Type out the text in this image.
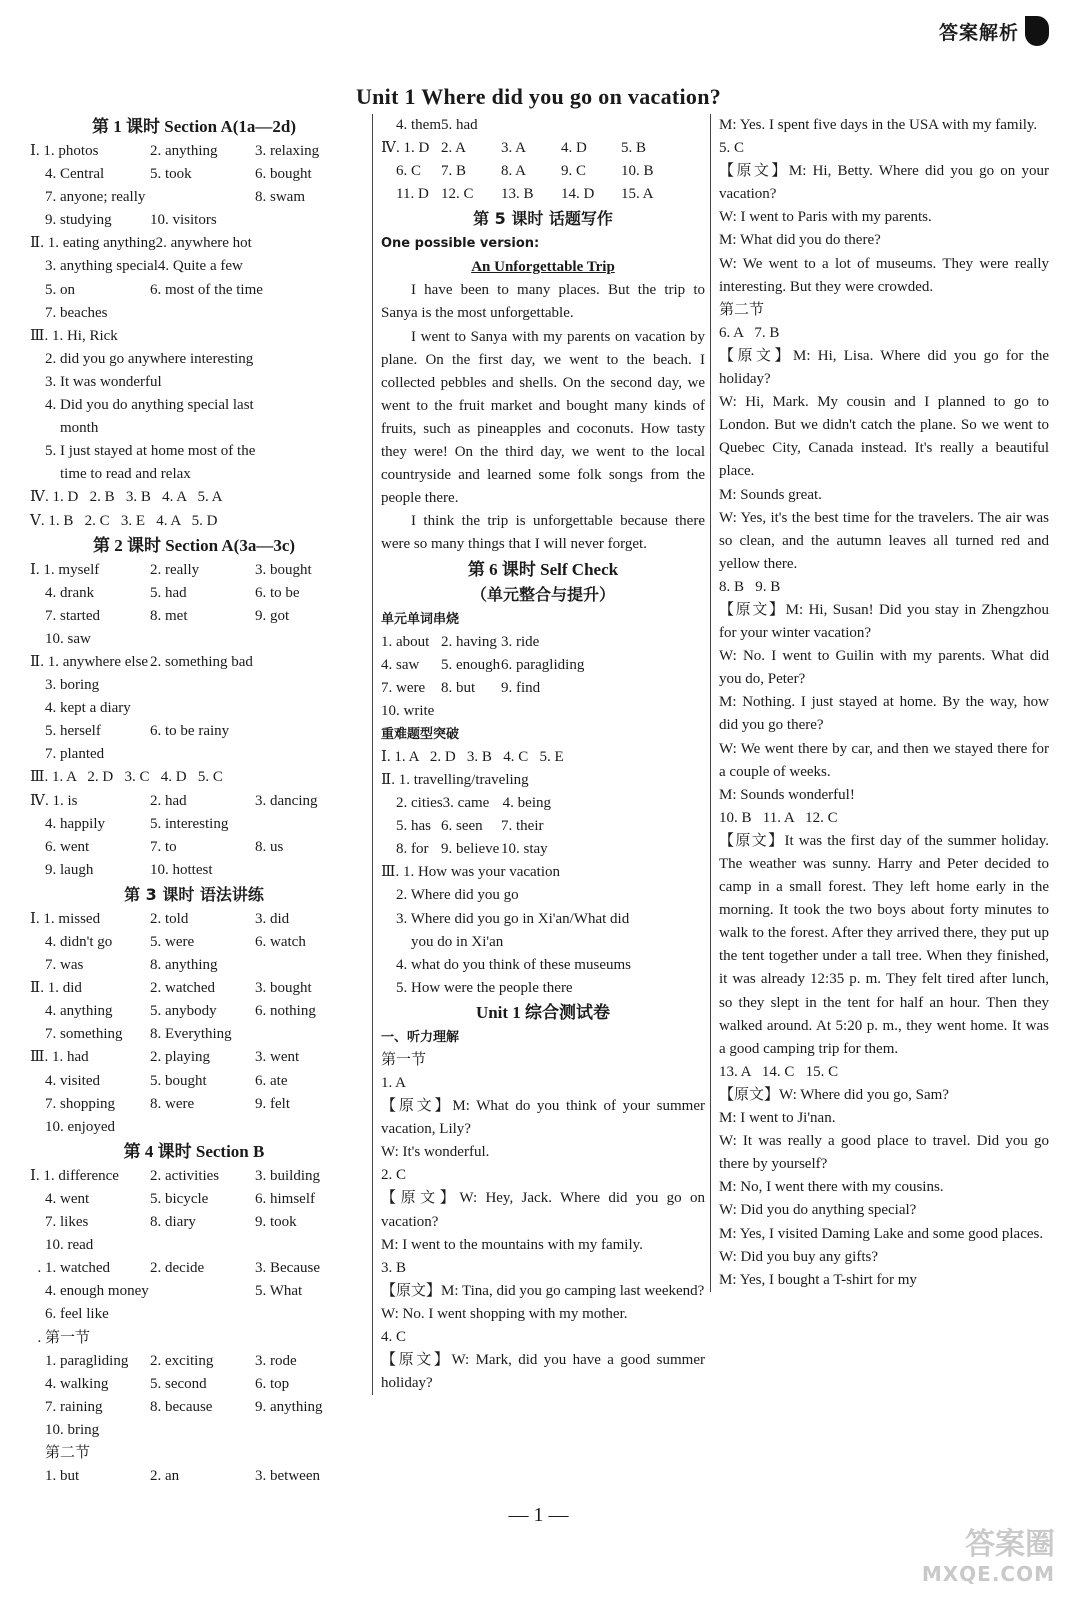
答案解析
Unit 1 Where did you go on vacation?
第 1 课时 Section A(1a—2d)
Ⅰ. 1. photos	2. anything	3. relaxing
4. Central	5. took	6. bought
7. anyone; really	8. swam
9. studying	10. visitors
Ⅱ. 1. eating anything 2. anywhere hot
3. anything special 4. Quite a few
5. on	6. most of the time
7. beaches
Ⅲ. 1. Hi, Rick
2. did you go anywhere interesting
3. It was wonderful
4. Did you do anything special last
month
5. I just stayed at home most of the
time to read and relax
Ⅳ. 1. D   2. B   3. B   4. A   5. A
Ⅴ. 1. B   2. C   3. E   4. A   5. D
第 2 课时 Section A(3a—3c)
Ⅰ. 1. myself	2. really	3. bought
4. drank	5. had	6. to be
7. started	8. met	9. got
10. saw
Ⅱ. 1. anywhere else 2. something bad
3. boring
4. kept a diary
5. herself	6. to be rainy
7. planted
Ⅲ. 1. A   2. D   3. C   4. D   5. C
Ⅳ. 1. is	2. had	3. dancing
4. happily	5. interesting
6. went	7. to	8. us
9. laugh	10. hottest
第 3 课时 语法讲练
Ⅰ. 1. missed	2. told	3. did
4. didn't go	5. were	6. watch
7. was	8. anything
Ⅱ. 1. did	2. watched	3. bought
4. anything	5. anybody	6. nothing
7. something	8. Everything
Ⅲ. 1. had	2. playing	3. went
4. visited	5. bought	6. ate
7. shopping	8. were	9. felt
10. enjoyed
第 4 课时 Section B
Ⅰ. 1. difference	2. activities	3. building
4. went	5. bicycle	6. himself
7. likes	8. diary	9. took
10. read
. 1. watched	2. decide	3. Because
4. enough money	5. What
6. feel like
. 第一节
1. paragliding	2. exciting	3. rode
4. walking	5. second	6. top
7. raining	8. because	9. anything
10. bring
第二节
1. but	2. an	3. between
4. them 5. had
Ⅳ. 1. D 2. A	3. A	4. D	5. B
6. C	7. B	8. A	9. C	10. B
11. D 12. C	13. B	14. D	15. A
第 5 课时 话题写作
One possible version:
An Unforgettable Trip
I have been to many places. But the trip to Sanya is the most unforgettable.
I went to Sanya with my parents on vacation by plane. On the first day, we went to the beach. I collected pebbles and shells. On the second day, we went to the fruit market and bought many kinds of fruits, such as pineapples and coconuts. How tasty they were! On the third day, we went to the local countryside and learned some folk songs from the people there.
I think the trip is unforgettable because there were so many things that I will never forget.
第 6 课时 Self Check
（单元整合与提升）
单元单词串烧
1. about 2. having 3. ride
4. saw	5. enough 6. paragliding
7. were	8. but	9. find
10. write
重难题型突破
Ⅰ. 1. A   2. D   3. B   4. C   5. E
Ⅱ. 1. travelling/traveling
2. cities 3. came 4. being
5. has 6. seen	7. their
8. for 9. believe 10. stay
Ⅲ. 1. How was your vacation
2. Where did you go
3. Where did you go in Xi'an/What did
you do in Xi'an
4. what do you think of these museums
5. How were the people there
Unit 1 综合测试卷
一、听力理解
第一节
1. A
【原文】M: What do you think of your summer vacation, Lily?
W: It's wonderful.
2. C
【原文】W: Hey, Jack. Where did you go on vacation?
M: I went to the mountains with my family.
3. B
【原文】M: Tina, did you go camping last weekend?
W: No. I went shopping with my mother.
4. C
【原文】W: Mark, did you have a good summer holiday?
M: Yes. I spent five days in the USA with my family.
5. C
【原文】M: Hi, Betty. Where did you go on your vacation?
W: I went to Paris with my parents.
M: What did you do there?
W: We went to a lot of museums. They were really interesting. But they were crowded.
第二节
6. A   7. B
【原文】M: Hi, Lisa. Where did you go for the holiday?
W: Hi, Mark. My cousin and I planned to go to London. But we didn't catch the plane. So we went to Quebec City, Canada instead. It's really a beautiful place.
M: Sounds great.
W: Yes, it's the best time for the travelers. The air was so clean, and the autumn leaves all turned red and yellow there.
8. B   9. B
【原文】M: Hi, Susan! Did you stay in Zhengzhou for your winter vacation?
W: No. I went to Guilin with my parents. What did you do, Peter?
M: Nothing. I just stayed at home. By the way, how did you go there?
W: We went there by car, and then we stayed there for a couple of weeks.
M: Sounds wonderful!
10. B   11. A   12. C
【原文】It was the first day of the summer holiday. The weather was sunny. Harry and Peter decided to camp in a small forest. They left home early in the morning. It took the two boys about forty minutes to walk to the forest. After they arrived there, they put up the tent together under a tall tree. When they finished, it was already 12:35 p. m. They felt tired after lunch, so they slept in the tent for half an hour. Then they walked around. At 5:20 p. m., they went home. It was a good camping trip for them.
13. A   14. C   15. C
【原文】W: Where did you go, Sam?
M: I went to Ji'nan.
W: It was really a good place to travel. Did you go there by yourself?
M: No, I went there with my cousins.
W: Did you do anything special?
M: Yes, I visited Daming Lake and some good places.
W: Did you buy any gifts?
M: Yes, I bought a T-shirt for my
— 1 —
答案圈
MXQE.COM
